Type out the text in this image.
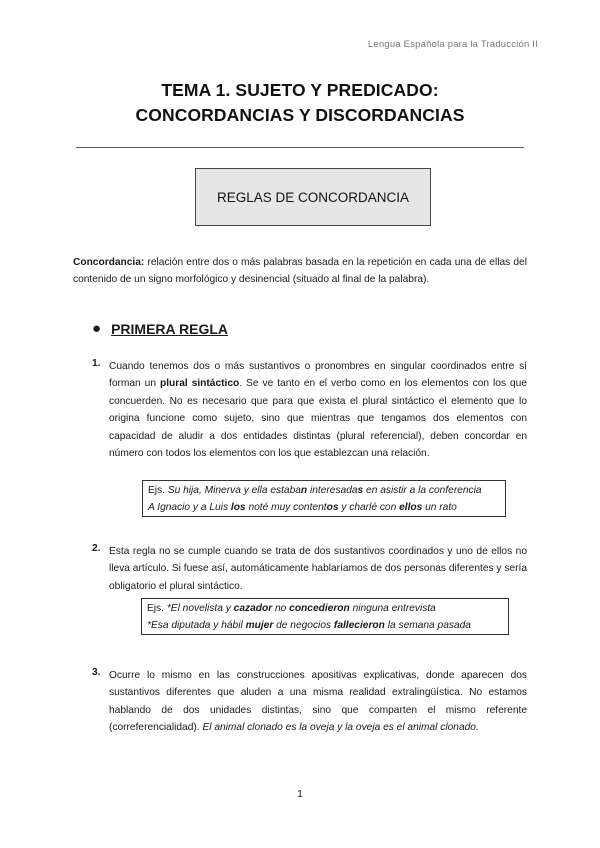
Lengua Española para la Traducción II
TEMA 1. SUJETO Y PREDICADO:
CONCORDANCIAS Y DISCORDANCIAS
REGLAS DE CONCORDANCIA
Concordancia: relación entre dos o más palabras basada en la repetición en cada una de ellas del contenido de un signo morfológico y desinencial (situado al final de la palabra).
● PRIMERA REGLA
1. Cuando tenemos dos o más sustantivos o pronombres en singular coordinados entre sí forman un plural sintáctico. Se ve tanto en el verbo como en los elementos con los que concuerden. No es necesario que para que exista el plural sintáctico el elemento que lo origina funcione como sujeto, sino que mientras que tengamos dos elementos con capacidad de aludir a dos entidades distintas (plural referencial), deben concordar en número con todos los elementos con los que establezcan una relación.
Ejs. Su hija, Minerva y ella estaban interesadas en asistir a la conferencia
A Ignacio y a Luis los noté muy contentos y charlé con ellos un rato
2. Esta regla no se cumple cuando se trata de dos sustantivos coordinados y uno de ellos no lleva artículo. Si fuese así, automáticamente hablaríamos de dos personas diferentes y sería obligatorio el plural sintáctico.
Ejs. *El novelista y cazador no concedieron ninguna entrevista
*Esa diputada y hábil mujer de negocios fallecieron la semana pasada
3. Ocurre lo mismo en las construcciones apositivas explicativas, donde aparecen dos sustantivos diferentes que aluden a una misma realidad extralingüística. No estamos hablando de dos unidades distintas, sino que comparten el mismo referente (correferencialidad). El animal clonado es la oveja y la oveja es el animal clonado.
1
